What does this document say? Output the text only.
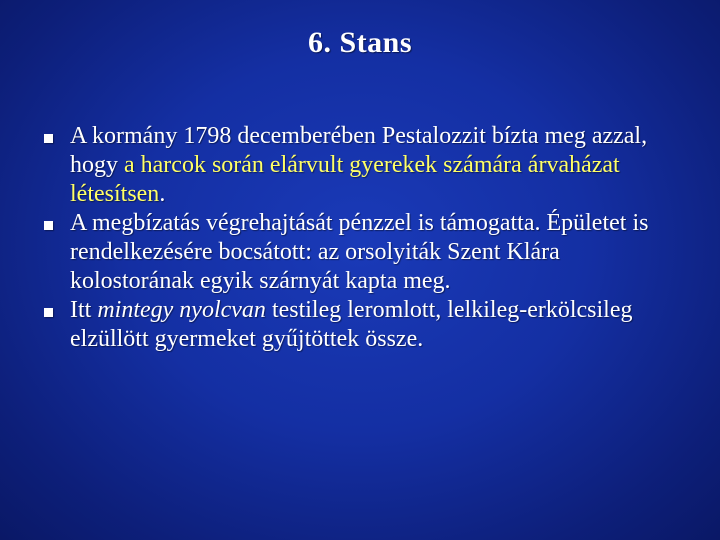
6. Stans
A kormány 1798 decemberében Pestalozzit bízta meg azzal, hogy a harcok során elárvult gyerekek számára árvaházat létesítsen.
A megbízatás végrehajtását pénzzel is támogatta. Épületet is rendelkezésére bocsátott: az orsolyiták Szent Klára kolostorának egyik szárnyát kapta meg.
Itt mintegy nyolcvan testileg leromlott, lelkileg-erkölcsileg elzüllött gyermeket gyűjtöttek össze.
